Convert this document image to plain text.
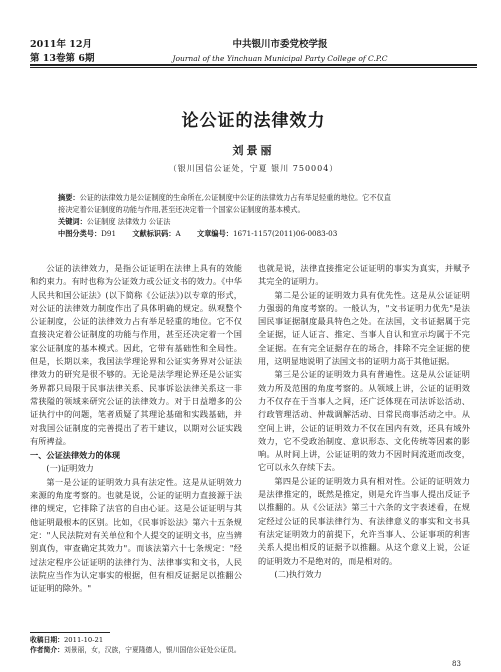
2011年 12月
第 13卷第 6期
中共银川市委党校学报
Journal of the Yinchuan Municipal Party College of C.P.C
论公证的法律效力
刘景丽
（银川国信公证处，宁夏 银川 750004）
摘要：公证的法律效力是公证制度的生命所在,公证制度中公证的法律效力占有举足轻重的地位。它不仅直
接决定着公证制度的功能与作用,甚至还决定着一个国家公证制度的基本模式。
关键词：公证制度 法律效力 公证法
中图分类号：D91 文献标识码：A 文章编号：1671-1157(2011)06-0083-03

公证的法律效力，是指公证证明在法律上具有的效能和约束力。有时也称为公证效力或公证文书的效力。《中华人民共和国公证法》(以下简称《公证法》)以专章的形式，对公证的法律效力制度作出了具体明确的规定。纵观整个公证制度，公证的法律效力占有举足轻重的地位。它不仅直接决定着公证制度的功能与作用，甚至还决定着一个国家公证制度的基本模式。因此，它带有基础性和全局性。但是，长期以来，我国法学理论界和公证实务界对公证法律效力的研究是很不够的。无论是法学理论界还是公证实务界都只局限于民事法律关系、民事诉讼法律关系这一非常狭隘的领域来研究公证的法律效力。对于日益增多的公证执行中的问题，笔者质疑了其理论基础和实践基础，并对我国公证制度的完善提出了若干建议，以期对公证实践有所裨益。

一、公证法律效力的体现

(一)证明效力

第一是公证的证明效力具有法定性。这是从证明效力来源的角度考察的。也就是说，公证的证明力直接源于法律的规定，它排除了法官的自由心证。这是公证证明与其他证明最根本的区别。比如，《民事诉讼法》第六十五条规定："人民法院对有关单位和个人提交的证明文书，应当辨别真伪，审查确定其效力"。而该法第六十七条规定："经过法定程序公证证明的法律行为、法律事实和文书，人民法院应当作为认定事实的根据，但有相反证据足以推翻公证证明的除外。"

也就是说，法律直接推定公证证明的事实为真实，并赋予其完全的证明力。

第二是公证的证明效力具有优先性。这是从公证证明力强弱的角度考察的。一般认为，"文书证明力优先"是法国民事证据制度最具特色之处。在法国，文书证据属于完全证据，证人证言、推定、当事人自认和宣示均属于不完全证据。在有完全证据存在的场合，排除不完全证据的使用，这明显地说明了法国文书的证明力高于其他证据。

第三是公证的证明效力具有普遍性。这是从公证证明效力所及范围的角度考察的。从领域上讲，公证的证明效力不仅存在于当事人之间，还广泛体现在司法诉讼活动、行政管理活动、仲裁调解活动、日常民商事活动之中。从空间上讲，公证的证明效力不仅在国内有效，还具有域外效力，它不受政治制度、意识形态、文化传统等因素的影响。从时间上讲，公证证明的效力不因时间流逝而改变，它可以永久存续下去。

第四是公证的证明效力具有相对性。公证的证明效力是法律推定的，既然是推定，则是允许当事人提出反证予以推翻的。从《公证法》第三十六条的文字表述看，在规定经过公证的民事法律行为、有法律意义的事实和文书具有法定证明效力的前提下，允许当事人、公证事项的利害关系人提出相反的证据予以推翻。从这个意义上说，公证的证明效力不是绝对的，而是相对的。

(二)执行效力

收稿日期：2011-10-21
作者简介：刘景丽，女，汉族，宁夏隆德人，银川国信公证处公证员。
83
